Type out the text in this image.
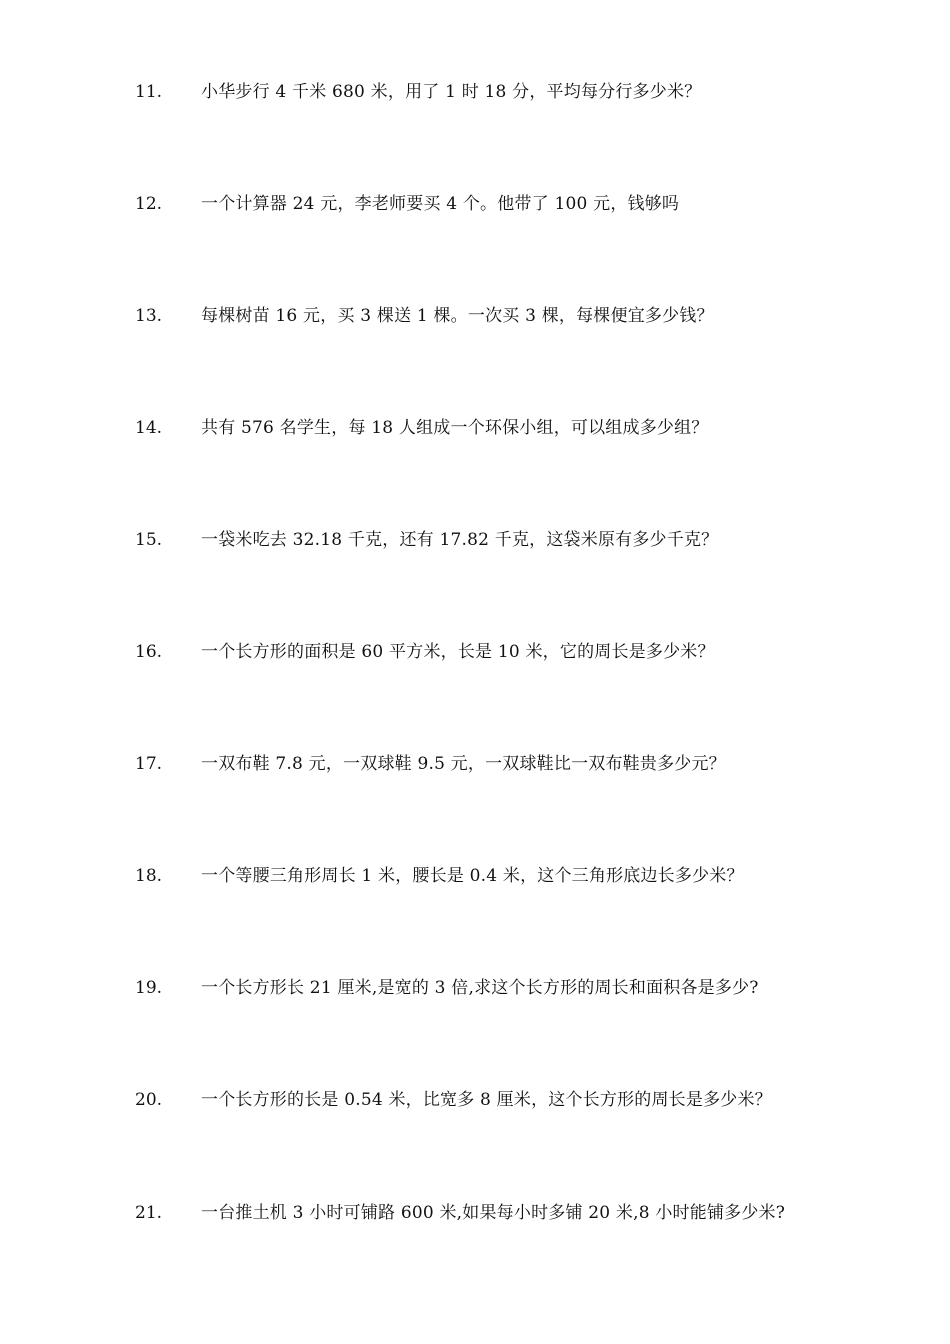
11. 小华步行 4 千米 680 米，用了 1 时 18 分，平均每分行多少米？
12. 一个计算器 24 元，李老师要买 4 个。他带了 100 元，钱够吗
13. 每棵树苗 16 元，买 3 棵送 1 棵。一次买 3 棵，每棵便宜多少钱？
14. 共有 576 名学生，每 18 人组成一个环保小组，可以组成多少组？
15. 一袋米吃去 32.18 千克，还有 17.82 千克，这袋米原有多少千克？
16. 一个长方形的面积是 60 平方米，长是 10 米，它的周长是多少米？
17. 一双布鞋 7.8 元，一双球鞋 9.5 元，一双球鞋比一双布鞋贵多少元？
18. 一个等腰三角形周长 1 米，腰长是 0.4 米，这个三角形底边长多少米？
19. 一个长方形长 21 厘米,是宽的 3 倍,求这个长方形的周长和面积各是多少?
20. 一个长方形的长是 0.54 米，比宽多 8 厘米，这个长方形的周长是多少米？
21. 一台推土机 3 小时可铺路 600 米,如果每小时多铺 20 米,8 小时能铺多少米?
